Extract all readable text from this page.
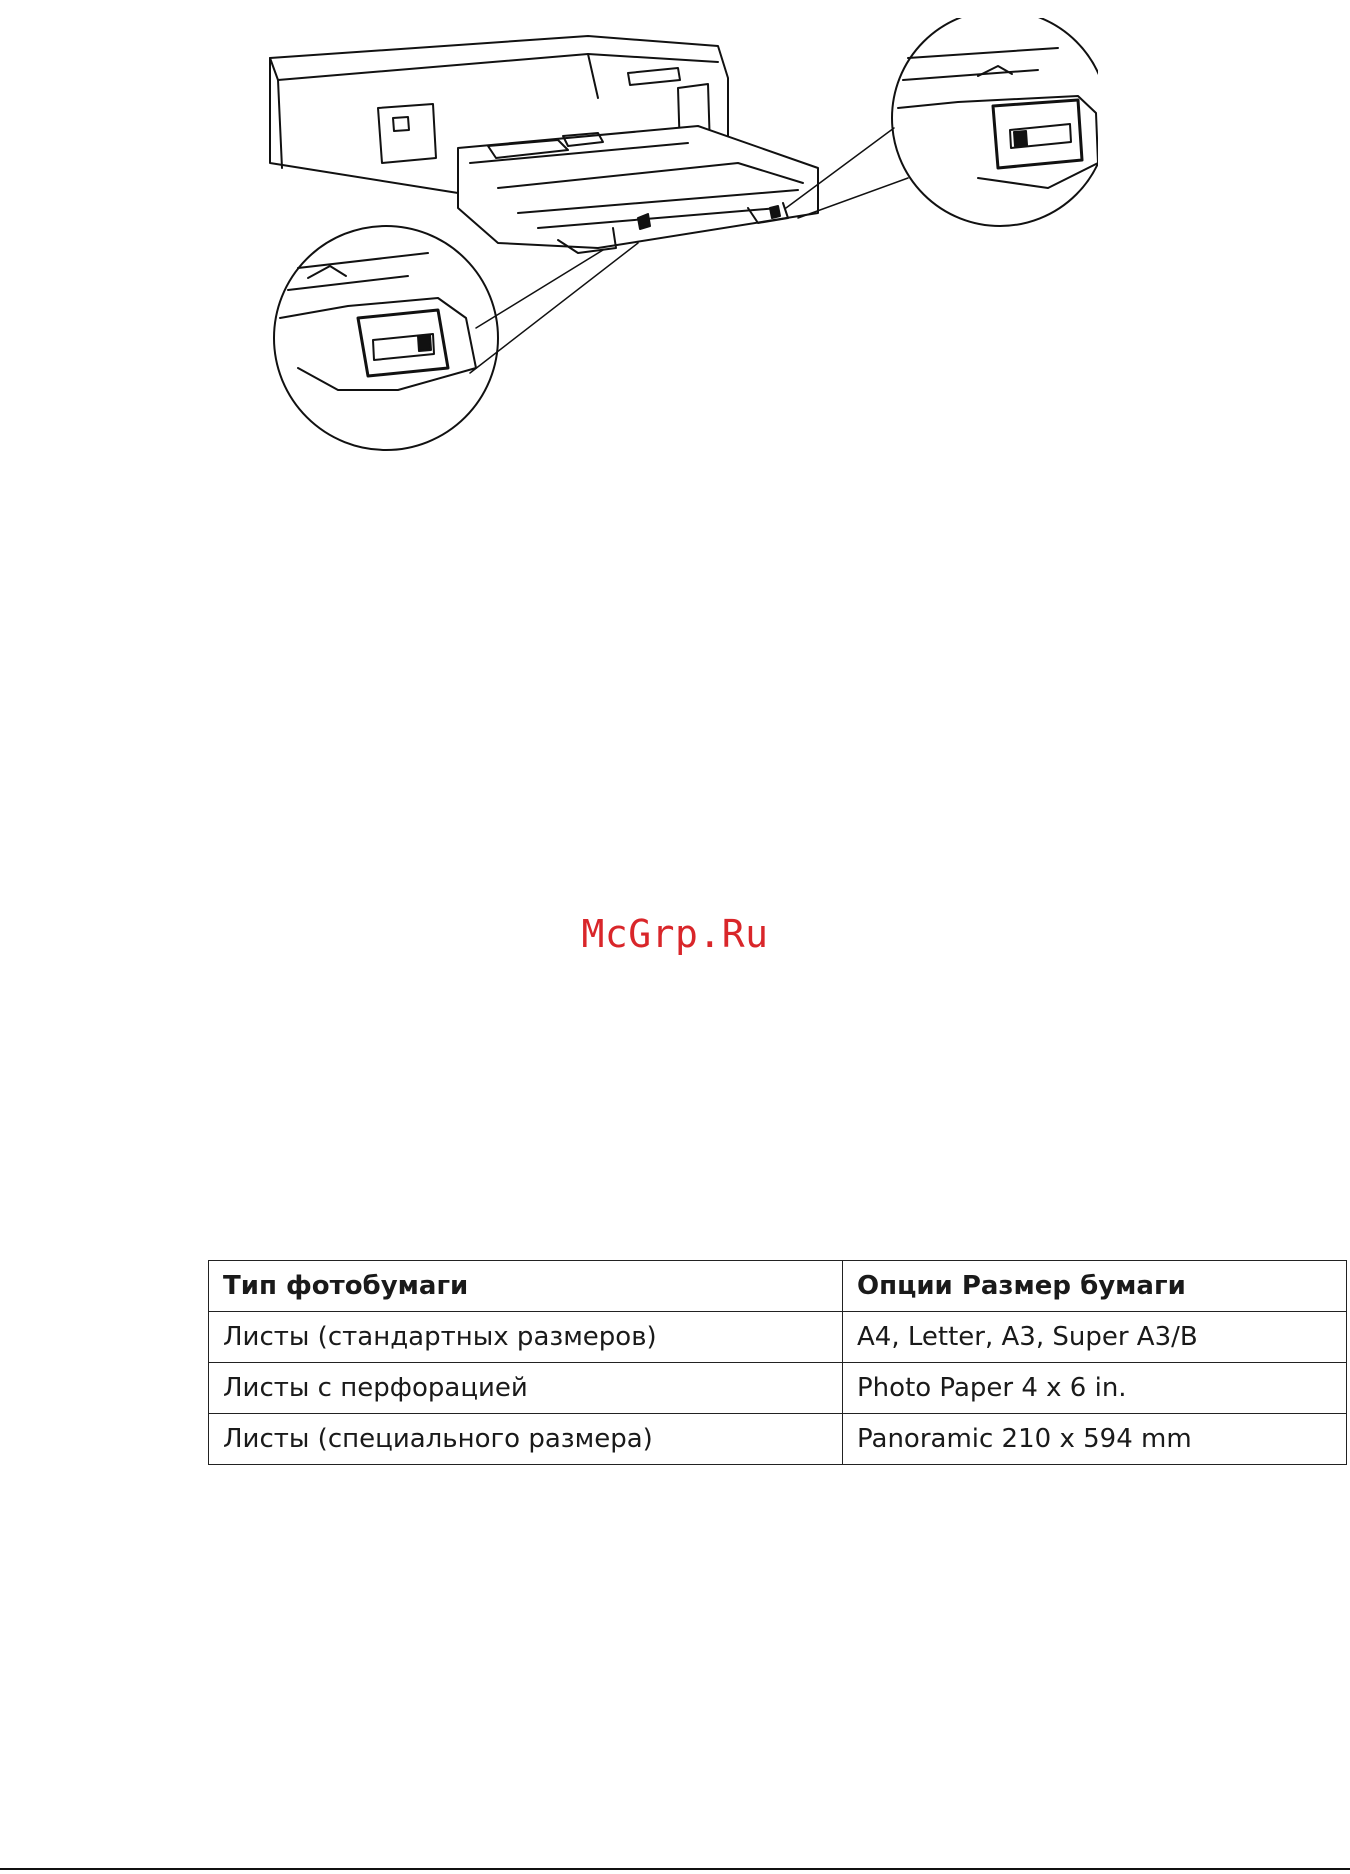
McGrp.Ru
Тип фотобумаги	Опции Размер бумаги
Листы (стандартных размеров)	A4, Letter, A3, Super A3/B
Листы с перфорацией	Photo Paper 4 x 6 in.
Листы (специального размера)	Panoramic 210 x 594 mm
